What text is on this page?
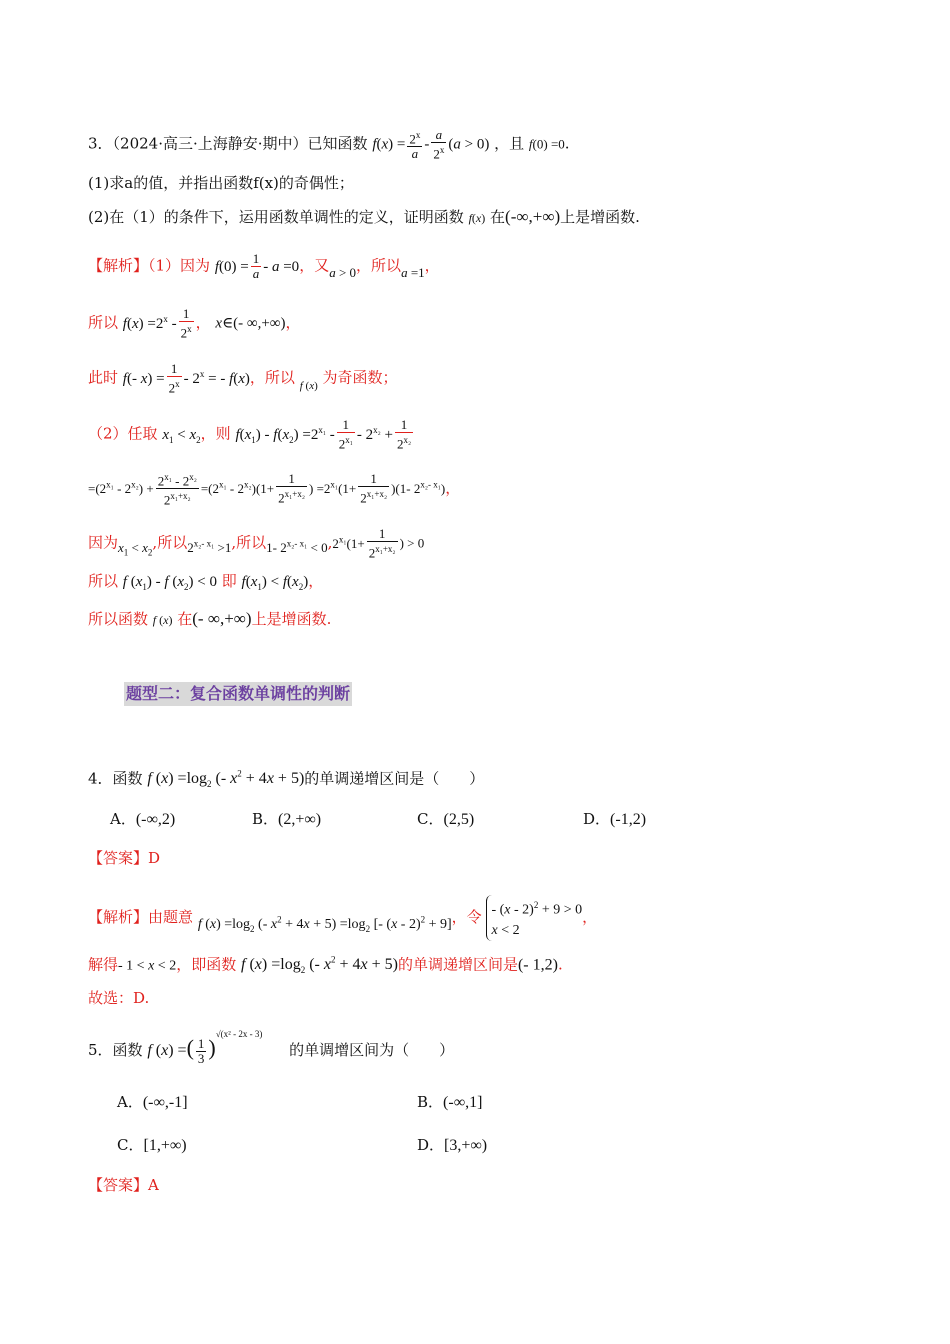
3．（2024·高三·上海静安·期中）已知函数 $f(x) = \frac{2^x}{a} - \frac{a}{2^x} (a > 0)$ ，且 f(0) =0.
(1)求a的值，并指出函数f(x)的奇偶性；
(2)在（1）的条件下，运用函数单调性的定义，证明函数 f(x) 在(-∞,+∞)上是增函数.
【解析】（1）因为 $f(0) = \frac{1}{a} - a =0$，又a > 0，所以a =1，
所以 $f(x) =2^x - \frac{1}{2^x}$ ， x∈(- ∞,+∞)，
此时 f(- $x) = \frac{1}{2^x} - 2^x$ = - f(x)，所以 $_{f (x)}$ 为奇函数；
（2）任取 $x_1 < x_2$，则 $f(x_1) - f(x_2) =2^{x_1} - \frac{1}{2^{x_1}} - 2^{x_2} + \frac{1}{2^{x_2}}$
$=(2^{x_1} - 2^{x_2}) + \frac{2^{x_1} - 2^{x_2}}{2^{x_1+x_2}} =(2^{x_1} - 2^{x_2})(1+ \frac{1}{2^{x_1+x_2}}$ ) $=2^{x_1}(1+ \frac{1}{2^{x_1+x_2}} )(1-$ $2^{x_2- x_1}$)，
因为$x_1 < x_2$,所以$2^{x_2- x_1} >1$,所以1- $2^{x_2- x_1} < 0,2^{x_1}(1+ \frac{1}{2^{x_1+x_2}}$ ) > 0
所以 f $(x_1)$ - f $(x_2) < 0$ 即 $f(x_1) < f(x_2)$，
所以函数 f (x) 在(- ∞,+∞)上是增函数.
题型二：复合函数单调性的判断
4．函数 f $(x) =\log_2$ (- $x^2 + 4x + 5$)的单调递增区间是（　　）
A．(-∞,2)	B．(2,+∞)	C．(2,5)	D．(-1,2)
【答案】D
【解析】由题意 f $(x) =\log_2$ (- $x^2 + 4x + 5) =\log_2$ [- (x - 2)$^2$ + 9]，令 - (x - 2)$^2$ + 9 > 0
x < 2，
解得- 1 < x < 2，即函数 f $(x) =\log_2$ (- $x^2 + 4x + 5$)的单调递增区间是(- 1,2).
故选：D.
5．函数 f (x) =( $\frac{1}{3} )^{√(x^2 - 2x - 3)}$ 的单调增区间为（　　）
A．(-∞,-1]	B．(-∞,1]
C．[1,+∞)	D．[3,+∞)
【答案】A
